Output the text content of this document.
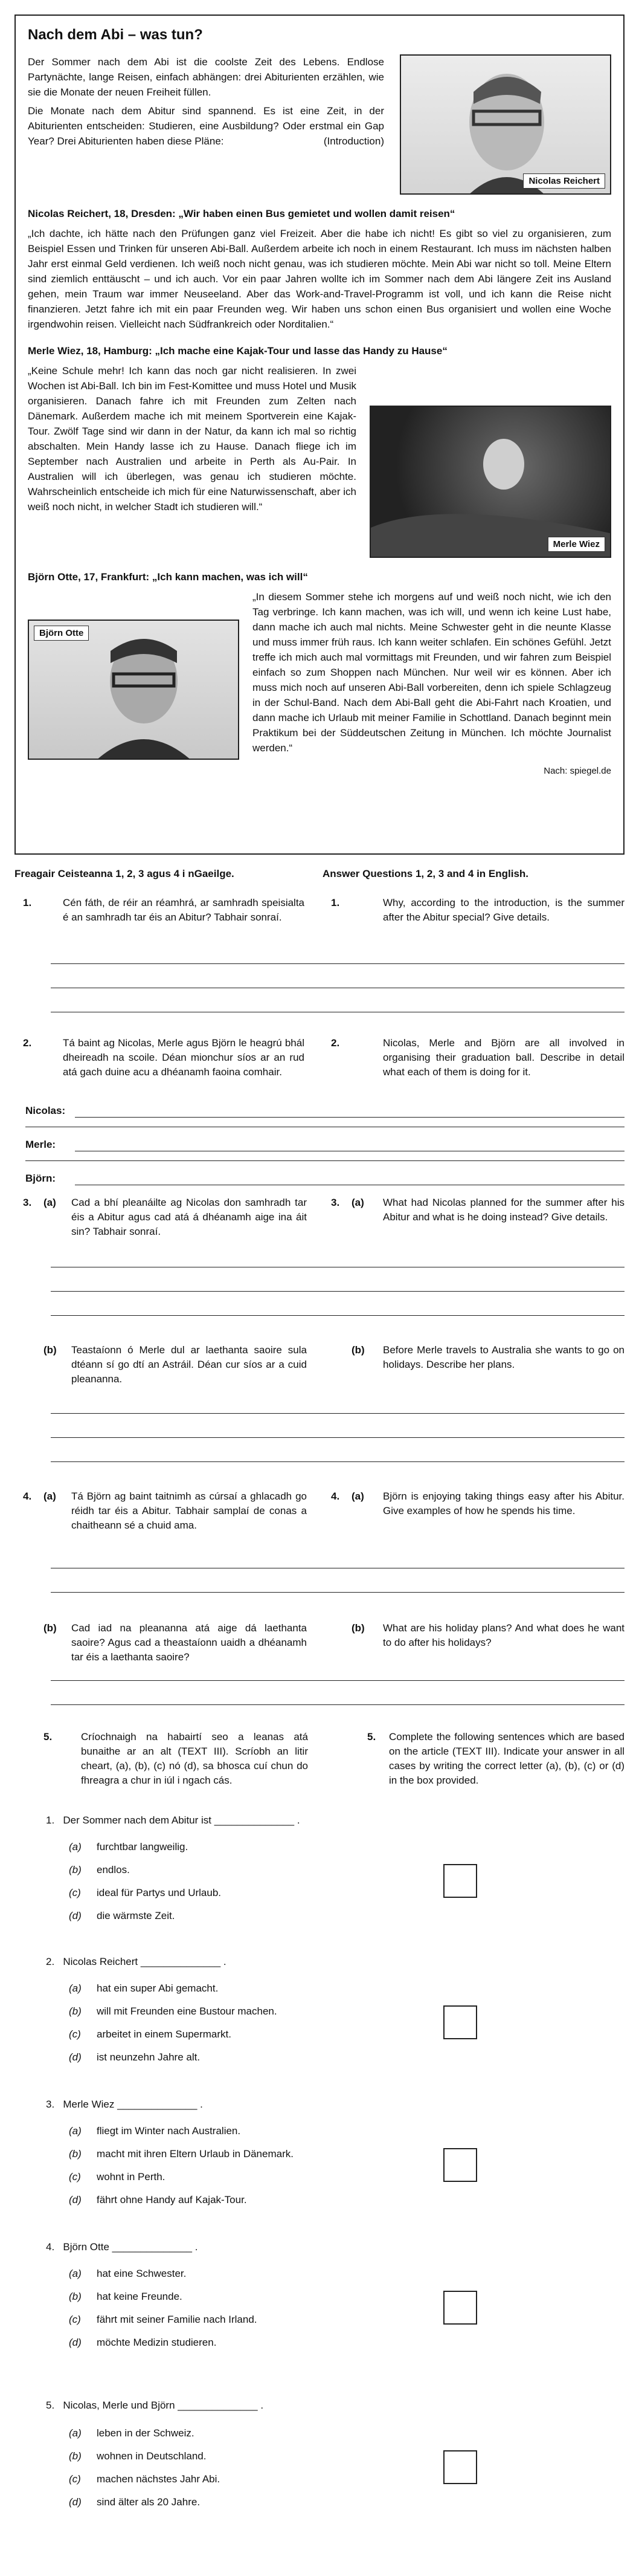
Nach dem Abi – was tun?
Nicolas Reichert
Der Sommer nach dem Abi ist die coolste Zeit des Lebens. Endlose Partynächte, lange Reisen, einfach abhängen: drei Abiturienten erzählen, wie sie die Monate der neuen Freiheit füllen.
Die Monate nach dem Abitur sind spannend. Es ist eine Zeit, in der Abiturienten entscheiden: Studieren, eine Ausbildung? Oder erstmal ein Gap Year? Drei Abiturienten haben diese Pläne:	(Introduction)
Nicolas Reichert, 18, Dresden: „Wir haben einen Bus gemietet und wollen damit reisen“
„Ich dachte, ich hätte nach den Prüfungen ganz viel Freizeit. Aber die habe ich nicht! Es gibt so viel zu organisieren, zum Beispiel Essen und Trinken für unseren Abi-Ball. Außerdem arbeite ich noch in einem Restaurant. Ich muss im nächsten halben Jahr erst einmal Geld verdienen. Ich weiß noch nicht genau, was ich studieren möchte. Mein Abi war nicht so toll. Meine Eltern sind ziemlich enttäuscht – und ich auch. Vor ein paar Jahren wollte ich im Sommer nach dem Abi längere Zeit ins Ausland gehen, mein Traum war immer Neuseeland. Aber das Work-and-Travel-Programm ist voll, und ich kann die Reise nicht finanzieren. Jetzt fahre ich mit ein paar Freunden weg. Wir haben uns schon einen Bus organisiert und wollen eine Woche irgendwohin reisen. Vielleicht nach Südfrankreich oder Norditalien.“
Merle Wiez, 18, Hamburg: „Ich mache eine Kajak-Tour und lasse das Handy zu Hause“
Merle Wiez
„Keine Schule mehr! Ich kann das noch gar nicht realisieren. In zwei Wochen ist Abi-Ball. Ich bin im Fest-Komittee und muss Hotel und Musik organisieren. Danach fahre ich mit Freunden zum Zelten nach Dänemark. Außerdem mache ich mit meinem Sportverein eine Kajak-Tour. Zwölf Tage sind wir dann in der Natur, da kann ich mal so richtig abschalten. Mein Handy lasse ich zu Hause. Danach fliege ich im September nach Australien und arbeite in Perth als Au-Pair. In Australien will ich überlegen, was genau ich studieren möchte. Wahrscheinlich entscheide ich mich für eine Naturwissenschaft, aber ich weiß noch nicht, in welcher Stadt ich studieren will.“
Björn Otte, 17, Frankfurt: „Ich kann machen, was ich will“
Björn Otte
„In diesem Sommer stehe ich morgens auf und weiß noch nicht, wie ich den Tag verbringe. Ich kann machen, was ich will, und wenn ich keine Lust habe, dann mache ich auch mal nichts. Meine Schwester geht in die neunte Klasse und muss immer früh raus. Ich kann weiter schlafen. Ein schönes Gefühl. Jetzt treffe ich mich auch mal vormittags mit Freunden, und wir fahren zum Beispiel einfach so zum Shoppen nach München. Nur weil wir es können. Aber ich muss mich noch auf unseren Abi-Ball vorbereiten, denn ich spiele Schlagzeug in der Schul-Band. Nach dem Abi-Ball geht die Abi-Fahrt nach Kroatien, und dann mache ich Urlaub mit meiner Familie in Schottland. Danach beginnt mein Praktikum bei der Süddeutschen Zeitung in München. Ich möchte Journalist werden.“
Nach: spiegel.de
Freagair Ceisteanna 1, 2, 3 agus 4 i nGaeilge.	Answer Questions 1, 2, 3 and 4 in English.
1.	Cén fáth, de réir an réamhrá, ar samhradh speisialta é an samhradh tar éis an Abitur? Tabhair sonraí.
1.	Why, according to the introduction, is the summer after the Abitur special? Give details.
2.	Tá baint ag Nicolas, Merle agus Björn le heagrú bhál dheireadh na scoile. Déan mionchur síos ar an rud atá gach duine acu a dhéanamh faoina comhair.
2.	Nicolas, Merle and Björn are all involved in organising their graduation ball. Describe in detail what each of them is doing for it.
Nicolas:
Merle:
Björn:
3. (a) Cad a bhí pleanáilte ag Nicolas don samhradh tar éis a Abitur agus cad atá á dhéanamh aige ina áit sin? Tabhair sonraí.
3. (a) What had Nicolas planned for the summer after his Abitur and what is he doing instead? Give details.
(b) Teastaíonn ó Merle dul ar laethanta saoire sula dtéann sí go dtí an Astráil. Déan cur síos ar a cuid pleananna.
(b) Before Merle travels to Australia she wants to go on holidays. Describe her plans.
4. (a) Tá Björn ag baint taitnimh as cúrsaí a ghlacadh go réidh tar éis a Abitur. Tabhair samplaí de conas a chaitheann sé a chuid ama.
4. (a) Björn is enjoying taking things easy after his Abitur. Give examples of how he spends his time.
(b) Cad iad na pleananna atá aige dá laethanta saoire? Agus cad a theastaíonn uaidh a dhéanamh tar éis a laethanta saoire?
(b) What are his holiday plans? And what does he want to do after his holidays?
5.	Críochnaigh na habairtí seo a leanas atá bunaithe ar an alt (TEXT III). Scríobh an litir cheart, (a), (b), (c) nó (d), sa bhosca cuí chun do fhreagra a chur in iúl i ngach cás.
5. Complete the following sentences which are based on the article (TEXT III). Indicate your answer in all cases by writing the correct letter (a), (b), (c) or (d) in the box provided.
1. Der Sommer nach dem Abitur ist ______________ .
(a) furchtbar langweilig.
(b) endlos.
(c) ideal für Partys und Urlaub.
(d) die wärmste Zeit.
2. Nicolas Reichert ______________ .
(a) hat ein super Abi gemacht.
(b) will mit Freunden eine Bustour machen.
(c) arbeitet in einem Supermarkt.
(d) ist neunzehn Jahre alt.
3. Merle Wiez ______________ .
(a) fliegt im Winter nach Australien.
(b) macht mit ihren Eltern Urlaub in Dänemark.
(c) wohnt in Perth.
(d) fährt ohne Handy auf Kajak-Tour.
4. Björn Otte ______________ .
(a) hat eine Schwester.
(b) hat keine Freunde.
(c) fährt mit seiner Familie nach Irland.
(d) möchte Medizin studieren.
5. Nicolas, Merle und Björn ______________ .
(a) leben in der Schweiz.
(b) wohnen in Deutschland.
(c) machen nächstes Jahr Abi.
(d) sind älter als 20 Jahre.
